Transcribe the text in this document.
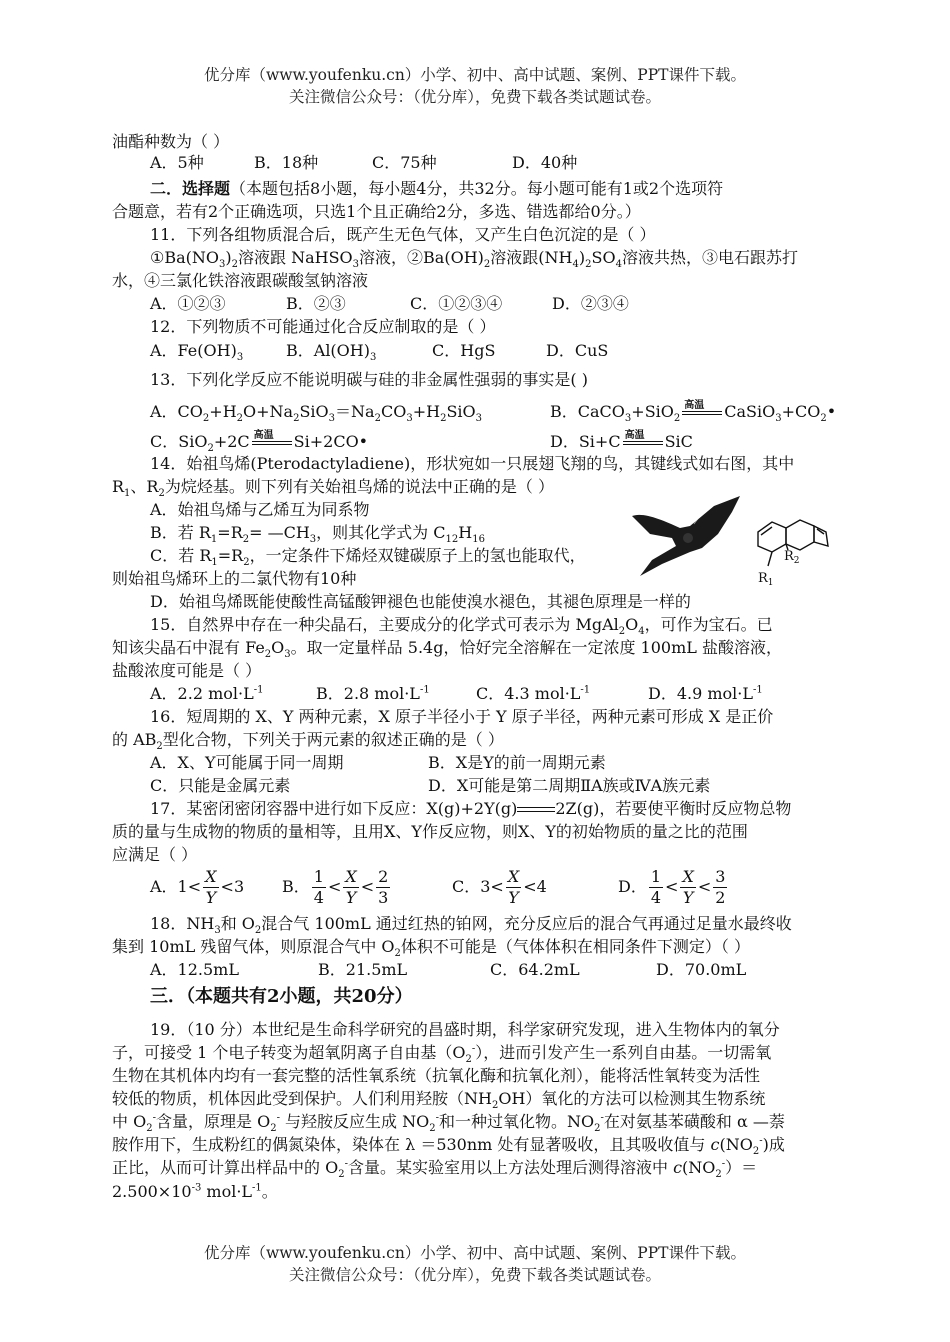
优分库（www.youfenku.cn）小学、初中、高中试题、案例、PPT课件下载。
关注微信公众号：（优分库），免费下载各类试题试卷。
油酯种数为（ ）
A．5种	B．18种	C．75种	D．40种
二．选择题（本题包括8小题，每小题4分，共32分。每小题可能有1或2个选项符
合题意，若有2个正确选项，只选1个且正确给2分，多选、错选都给0分。）
11．下列各组物质混合后，既产生无色气体，又产生白色沉淀的是（ ）
$①Ba(NO_3)_2$溶液跟 NaHSO$_3$溶液，$②Ba(OH)_2$溶液跟$(NH_4)_2SO_4$溶液共热，③电石跟苏打
水，④三氯化铁溶液跟碳酸氢钠溶液
A．①②③	B．②③	C．①②③④	D．②③④
12．下列物质不可能通过化合反应制取的是（ ）
A．$Fe(OH)_3$	B．$Al(OH)_3$	C．HgS	D．CuS
13．下列化学反应不能说明碳与硅的非金属性强弱的事实是( )
A．$CO_2+H_2O+Na_2SiO_3=Na_2CO_3+H_2SiO_3$	B．CaCO$_3$+SiO$_2$
高温 $CaSiO_3+CO_2•$
C．SiO$_2$+2C 高温 Si+2CO•	D．Si+C 高温 SiC
14．始祖鸟烯(Pterodactyladiene)，形状宛如一只展翅飞翔的鸟，其键线式如右图，其中
$R_1$、$R_2$为烷烃基。则下列有关始祖鸟烯的说法中正确的是（ ）
A．始祖鸟烯与乙烯互为同系物
B．若 $R_1=R_2=$ $—CH_3$，则其化学式为 $C_{12}H_{16}$
C．若 $R_1=R_2$，一定条件下烯烃双键碳原子上的氢也能取代，
则始祖鸟烯环上的二氯代物有10种
D．始祖鸟烯既能使酸性高锰酸钾褪色也能使溴水褪色，其褪色原理是一样的
$R_2$
$R_1$
15．自然界中存在一种尖晶石，主要成分的化学式可表示为 $MgAl_2O_4$，可作为宝石。已
知该尖晶石中混有 $Fe_2O_3$。取一定量样品 5.4g，恰好完全溶解在一定浓度 100mL 盐酸溶液，
盐酸浓度可能是（ ）
A．2.2 $mol\cdot L^{-1}$	B．2.8 $mol\cdot L^{-1}$	C．4.3 $mol\cdot L^{-1}$	D．4.9 $mol\cdot L^{-1}$
16．短周期的 X、Y 两种元素，X 原子半径小于 Y 原子半径，两种元素可形成 X 是正价
的 $AB_2$型化合物，下列关于两元素的叙述正确的是（ ）
A．X、Y可能属于同一周期	B．X是Y的前一周期元素
C．只能是金属元素	D．X可能是第二周期ⅡA族或ⅣA族元素
17．某密闭密闭容器中进行如下反应：X(g)+2Y(g) 2Z(g)，若要使平衡时反应物总物
质的量与生成物的物质的量相等，且用X、Y作反应物，则X、Y的初始物质的量之比的范围
应满足（ ）
A．$1< \frac{X}{Y} <3$ B． $\frac{1}{4} < \frac{X}{Y} < \frac{2}{3}$	C．$3< \frac{X}{Y} <4$	D． $\frac{1}{4} < \frac{X}{Y} < \frac{3}{2}$
18．$NH_3$和 $O_2$混合气 100mL 通过红热的铂网，充分反应后的混合气再通过足量水最终收
集到 10mL 残留气体，则原混合气中 $O_2$体积不可能是（气体体积在相同条件下测定）（ ）
A．12.5mL	B．21.5mL	C．64.2mL	D．70.0mL
三．（本题共有2小题，共20分）
19．（10 分）本世纪是生命科学研究的昌盛时期，科学家研究发现，进入生物体内的氧分
子，可接受 1 个电子转变为超氧阴离子自由基$(O_2^-)$，进而引发产生一系列自由基。一切需氧
生物在其机体内均有一套完整的活性氧系统（抗氧化酶和抗氧化剂），能将活性氧转变为活性
较低的物质，机体因此受到保护。人们利用羟胺$(NH_2OH)$氧化的方法可以检测其生物系统
中 $O_2^-$含量，原理是 $O_2^-$ 与羟胺反应生成 $NO_2^-$和一种过氧化物。$NO_2^-$在对氨基苯磺酸和 α —萘
胺作用下，生成粉红的偶氮染体，染体在 λ ＝530nm 处有显著吸收，且其吸收值与 $c(NO_2^-)$成
正比，从而可计算出样品中的 $O_2^-$含量。某实验室用以上方法处理后测得溶液中 $c(NO_2^-)=$
$2.500\times 10^{-3}$ $mol\cdot L^{-1}$。
优分库（www.youfenku.cn）小学、初中、高中试题、案例、PPT课件下载。
关注微信公众号：（优分库），免费下载各类试题试卷。
